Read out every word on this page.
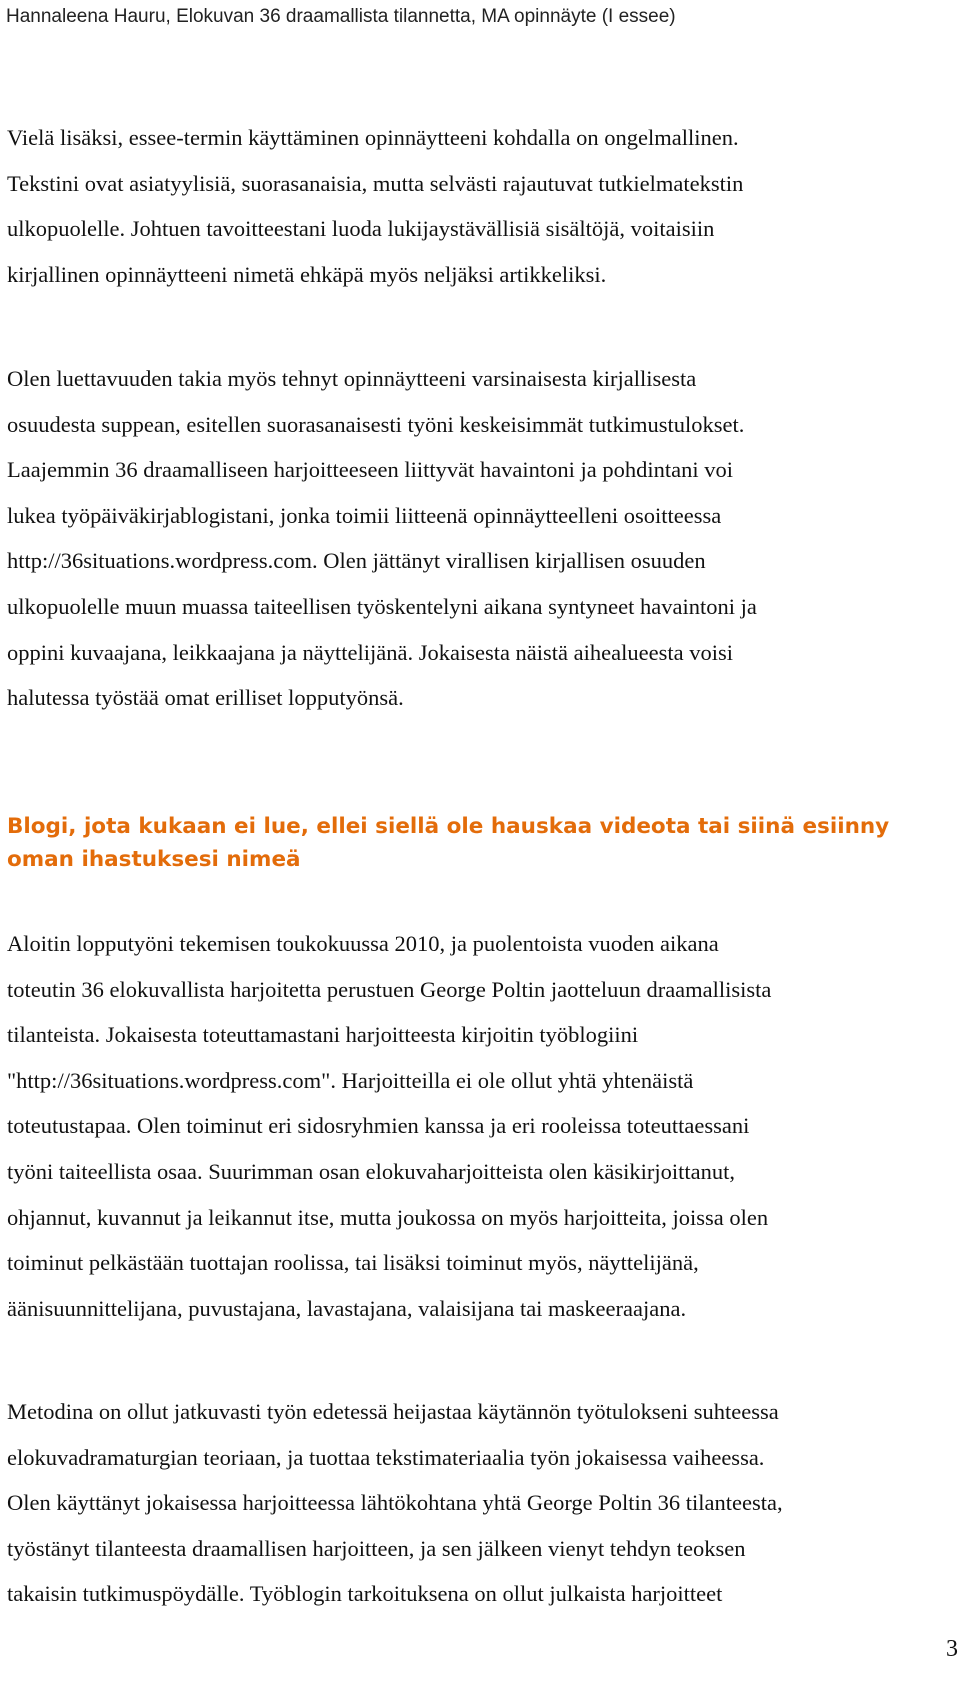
Hannaleena Hauru, Elokuvan 36 draamallista tilannetta, MA opinnäyte (I essee)
Vielä lisäksi, essee-termin käyttäminen opinnäytteeni kohdalla on ongelmallinen.
Tekstini ovat asiatyylisiä, suorasanaisia, mutta selvästi rajautuvat tutkielmatekstin
ulkopuolelle. Johtuen tavoitteestani luoda lukijaystävällisiä sisältöjä, voitaisiin
kirjallinen opinnäytteeni nimetä ehkäpä myös neljäksi artikkeliksi.
Olen luettavuuden takia myös tehnyt opinnäytteeni varsinaisesta kirjallisesta
osuudesta suppean, esitellen suorasanaisesti työni keskeisimmät tutkimustulokset.
Laajemmin 36 draamalliseen harjoitteeseen liittyvät havaintoni ja pohdintani voi
lukea työpäiväkirjablogistani, jonka toimii liitteenä opinnäytteelleni osoitteessa
http://36situations.wordpress.com. Olen jättänyt virallisen kirjallisen osuuden
ulkopuolelle muun muassa taiteellisen työskentelyni aikana syntyneet havaintoni ja
oppini kuvaajana, leikkaajana ja näyttelijänä. Jokaisesta näistä aihealueesta voisi
halutessa työstää omat erilliset lopputyönsä.
Blogi, jota kukaan ei lue, ellei siellä ole hauskaa videota tai siinä esiinny
oman ihastuksesi nimeä
Aloitin lopputyöni tekemisen toukokuussa 2010, ja puolentoista vuoden aikana
toteutin 36 elokuvallista harjoitetta perustuen George Poltin jaotteluun draamallisista
tilanteista. Jokaisesta toteuttamastani harjoitteesta kirjoitin työblogiini
"http://36situations.wordpress.com". Harjoitteilla ei ole ollut yhtä yhtenäistä
toteutustapaa. Olen toiminut eri sidosryhmien kanssa ja eri rooleissa toteuttaessani
työni taiteellista osaa. Suurimman osan elokuvaharjoitteista olen käsikirjoittanut,
ohjannut, kuvannut ja leikannut itse, mutta joukossa on myös harjoitteita, joissa olen
toiminut pelkästään tuottajan roolissa, tai lisäksi toiminut myös, näyttelijänä,
äänisuunnittelijana, puvustajana, lavastajana, valaisijana tai maskeeraajana.
Metodina on ollut jatkuvasti työn edetessä heijastaa käytännön työtulokseni suhteessa
elokuvadramaturgian teoriaan, ja tuottaa tekstimateriaalia työn jokaisessa vaiheessa.
Olen käyttänyt jokaisessa harjoitteessa lähtökohtana yhtä George Poltin 36 tilanteesta,
työstänyt tilanteesta draamallisen harjoitteen, ja sen jälkeen vienyt tehdyn teoksen
takaisin tutkimuspöydälle. Työblogin tarkoituksena on ollut julkaista harjoitteet
3
